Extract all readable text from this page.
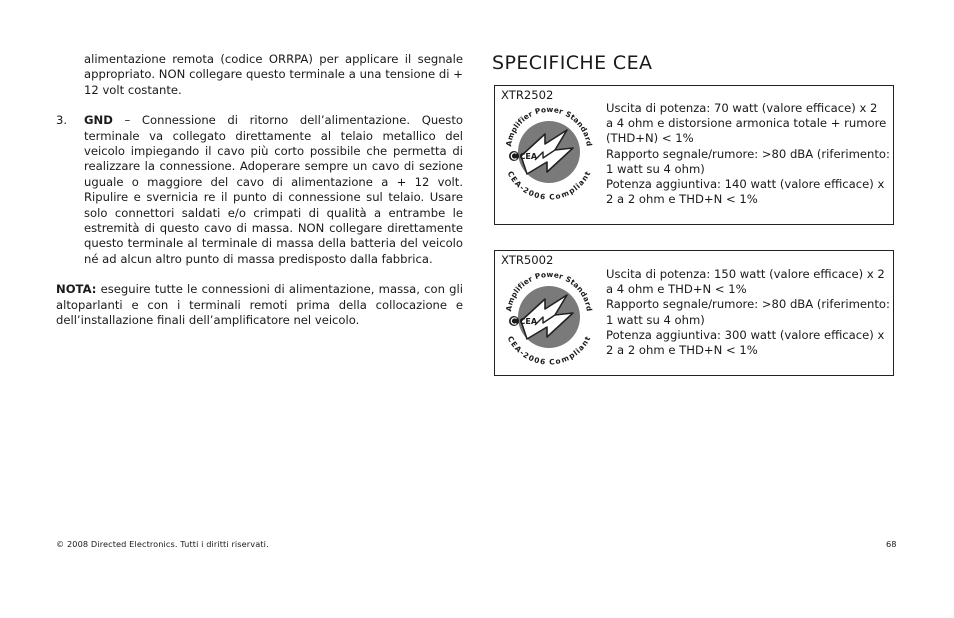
alimentazione remota (codice ORRPA) per applicare il segnale appropriato. NON collegare questo terminale a una tensione di + 12 volt costante.

3.	GND – Connessione di ritorno dell’alimentazione. Questo terminale va collegato direttamente al telaio metallico del veicolo impiegando il cavo più corto possibile che permetta di realizzare la connessione. Adoperare sempre un cavo di sezione uguale o maggiore del cavo di alimentazione a + 12 volt. Ripulire e svernicia re il punto di connessione sul telaio. Usare solo connettori saldati e/o crimpati di qualità a entrambe le estremità di questo cavo di massa. NON collegare direttamente questo terminale al terminale di massa della batteria del veicolo né ad alcun altro punto di massa predisposto dalla fabbrica.

NOTA: eseguire tutte le connessioni di alimentazione, massa, con gli altoparlanti e con i terminali remoti prima della collocazione e dell’installazione finali dell’amplificatore nel veicolo.

SPECIFICHE CEA
XTR2502
Amplifier Power Standard
CEA-2006 Compliant
CEA

Uscita di potenza: 70 watt (valore efficace) x 2

a 4 ohm e distorsione armonica totale + rumore

(THD+N) < 1%

Rapporto segnale/rumore: >80 dBA (riferimento:

1 watt su 4 ohm)

Potenza aggiuntiva: 140 watt (valore efficace) x

2 a 2 ohm e THD+N < 1%

XTR5002
Amplifier Power Standard
CEA-2006 Compliant
CEA

Uscita di potenza: 150 watt (valore efficace) x 2

a 4 ohm e THD+N < 1%

Rapporto segnale/rumore: >80 dBA (riferimento:

1 watt su 4 ohm)

Potenza aggiuntiva: 300 watt (valore efficace) x

2 a 2 ohm e THD+N < 1%

© 2008 Directed Electronics. Tutti i diritti riservati.	68
